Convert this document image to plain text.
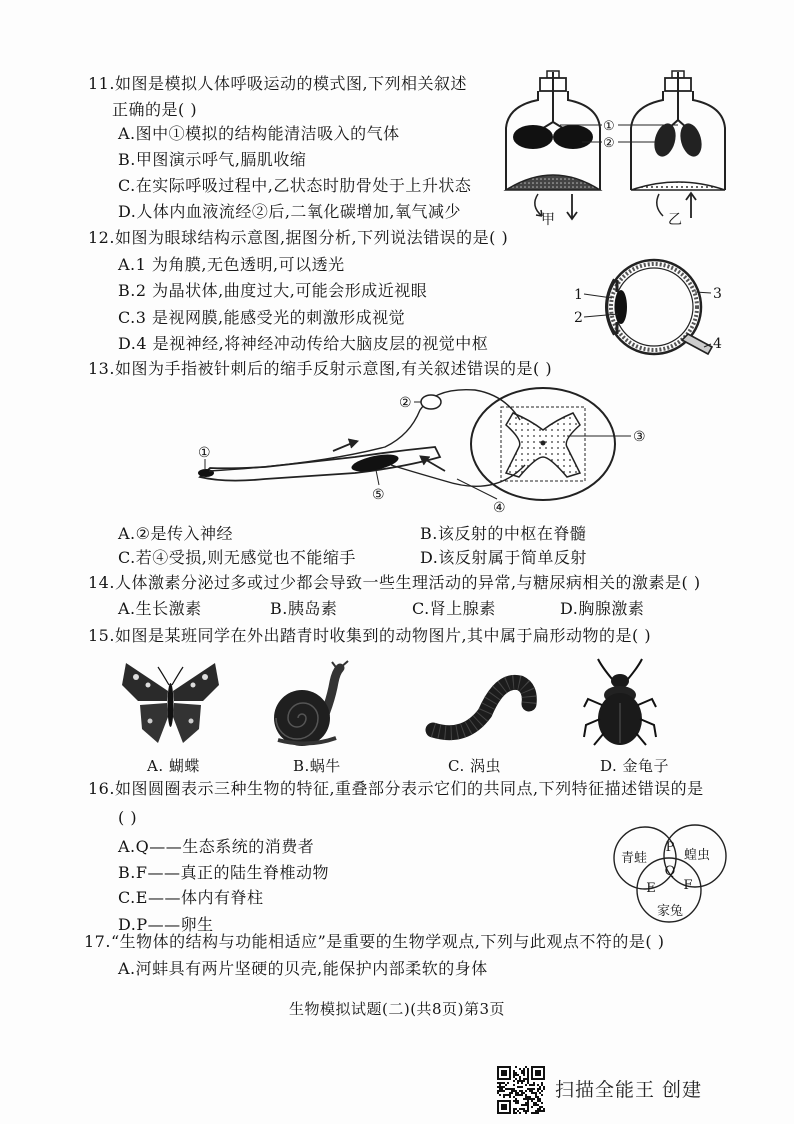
11.如图是模拟人体呼吸运动的模式图,下列相关叙述
正确的是( )
A.图中①模拟的结构能清洁吸入的气体
B.甲图演示呼气,膈肌收缩
C.在实际呼吸过程中,乙状态时肋骨处于上升状态
D.人体内血液流经②后,二氧化碳增加,氧气减少
①
②
甲	乙
12.如图为眼球结构示意图,据图分析,下列说法错误的是( )
A.1 为角膜,无色透明,可以透光
B.2 为晶状体,曲度过大,可能会形成近视眼
C.3 是视网膜,能感受光的刺激形成视觉
D.4 是视神经,将神经冲动传给大脑皮层的视觉中枢
1
2
3
4
13.如图为手指被针刺后的缩手反射示意图,有关叙述错误的是( )
①
②
③
④
⑤
A.②是传入神经	B.该反射的中枢在脊髓
C.若④受损,则无感觉也不能缩手	D.该反射属于简单反射
14.人体激素分泌过多或过少都会导致一些生理活动的异常,与糖尿病相关的激素是( )
A.生长激素	B.胰岛素	C.肾上腺素	D.胸腺激素
15.如图是某班同学在外出踏青时收集到的动物图片,其中属于扁形动物的是( )
A. 蝴蝶	B.蜗牛	C. 涡虫	D. 金龟子
16.如图圆圈表示三种生物的特征,重叠部分表示它们的共同点,下列特征描述错误的是
( )
A.Q——生态系统的消费者
B.F——真正的陆生脊椎动物
C.E——体内有脊柱
D.P——卵生
青蛙	蝗虫
家兔
P
Q
E F
17.“生物体的结构与功能相适应”是重要的生物学观点,下列与此观点不符的是( )
A.河蚌具有两片坚硬的贝壳,能保护内部柔软的身体
生物模拟试题(二)(共8页)第3页
扫描全能王 创建
